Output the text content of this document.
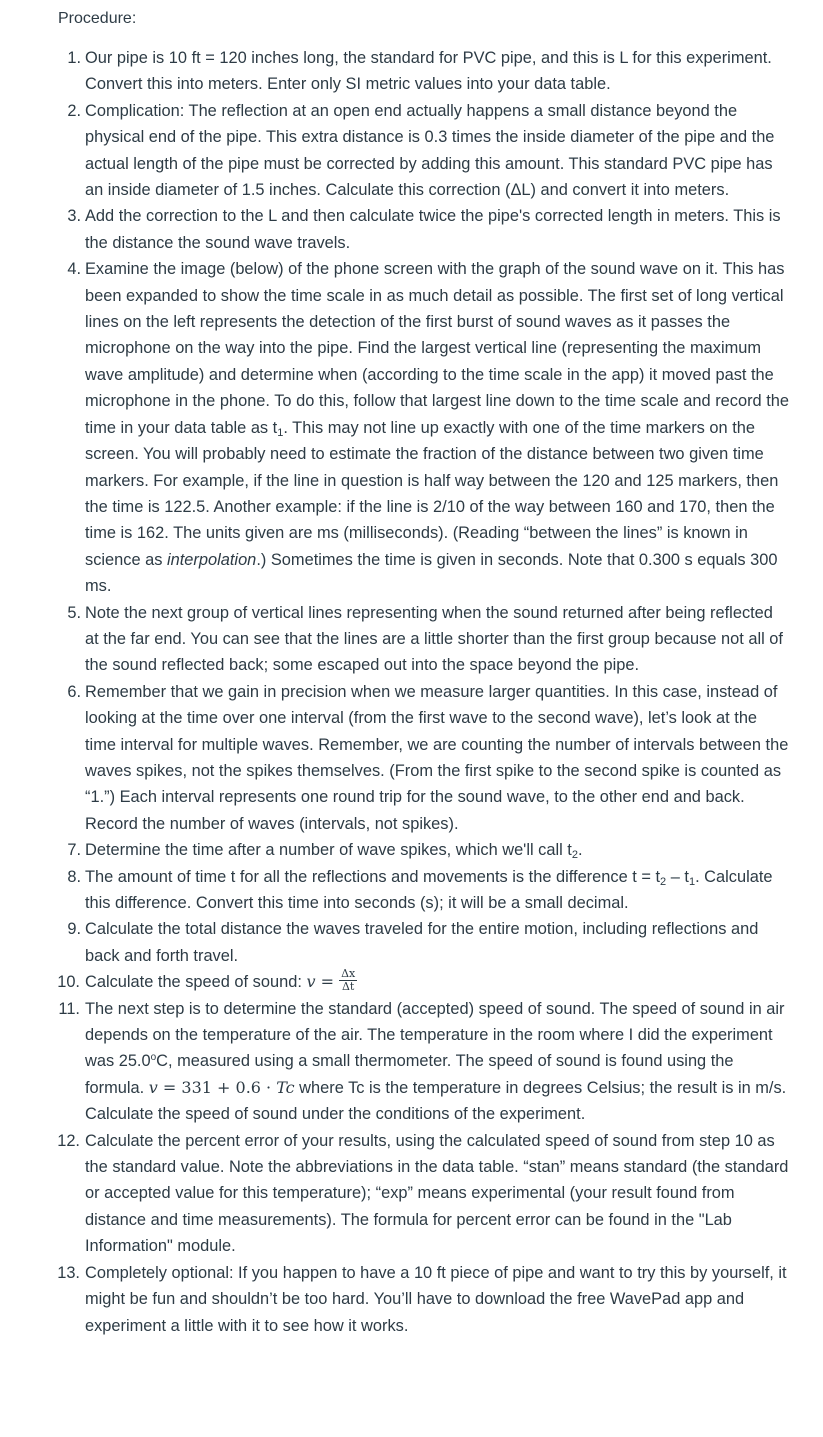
Procedure:
1. Our pipe is 10 ft = 120 inches long, the standard for PVC pipe, and this is L for this experiment. Convert this into meters. Enter only SI metric values into your data table.
2. Complication: The reflection at an open end actually happens a small distance beyond the physical end of the pipe. This extra distance is 0.3 times the inside diameter of the pipe and the actual length of the pipe must be corrected by adding this amount. This standard PVC pipe has an inside diameter of 1.5 inches. Calculate this correction (ΔL) and convert it into meters.
3. Add the correction to the L and then calculate twice the pipe's corrected length in meters. This is the distance the sound wave travels.
4. Examine the image (below) of the phone screen with the graph of the sound wave on it. This has been expanded to show the time scale in as much detail as possible. The first set of long vertical lines on the left represents the detection of the first burst of sound waves as it passes the microphone on the way into the pipe. Find the largest vertical line (representing the maximum wave amplitude) and determine when (according to the time scale in the app) it moved past the microphone in the phone. To do this, follow that largest line down to the time scale and record the time in your data table as t1. This may not line up exactly with one of the time markers on the screen. You will probably need to estimate the fraction of the distance between two given time markers. For example, if the line in question is half way between the 120 and 125 markers, then the time is 122.5. Another example: if the line is 2/10 of the way between 160 and 170, then the time is 162. The units given are ms (milliseconds). (Reading “between the lines” is known in science as interpolation.) Sometimes the time is given in seconds. Note that 0.300 s equals 300 ms.
5. Note the next group of vertical lines representing when the sound returned after being reflected at the far end. You can see that the lines are a little shorter than the first group because not all of the sound reflected back; some escaped out into the space beyond the pipe.
6. Remember that we gain in precision when we measure larger quantities. In this case, instead of looking at the time over one interval (from the first wave to the second wave), let’s look at the time interval for multiple waves. Remember, we are counting the number of intervals between the waves spikes, not the spikes themselves. (From the first spike to the second spike is counted as “1.”) Each interval represents one round trip for the sound wave, to the other end and back. Record the number of waves (intervals, not spikes).
7. Determine the time after a number of wave spikes, which we'll call t2.
8. The amount of time t for all the reflections and movements is the difference t = t2 – t1. Calculate this difference. Convert this time into seconds (s); it will be a small decimal.
9. Calculate the total distance the waves traveled for the entire motion, including reflections and back and forth travel.
10. Calculate the speed of sound: $v = \frac{\Delta x}{\Delta t}$
11. The next step is to determine the standard (accepted) speed of sound. The speed of sound in air depends on the temperature of the air. The temperature in the room where I did the experiment was 25.0$^o$C, measured using a small thermometer. The speed of sound is found using the formula. v = 331 + 0.6 · Tc where Tc is the temperature in degrees Celsius; the result is in m/s. Calculate the speed of sound under the conditions of the experiment.
12. Calculate the percent error of your results, using the calculated speed of sound from step 10 as the standard value. Note the abbreviations in the data table. “stan” means standard (the standard or accepted value for this temperature); “exp” means experimental (your result found from distance and time measurements). The formula for percent error can be found in the "Lab Information" module.
13. Completely optional: If you happen to have a 10 ft piece of pipe and want to try this by yourself, it might be fun and shouldn’t be too hard. You’ll have to download the free WavePad app and experiment a little with it to see how it works.
